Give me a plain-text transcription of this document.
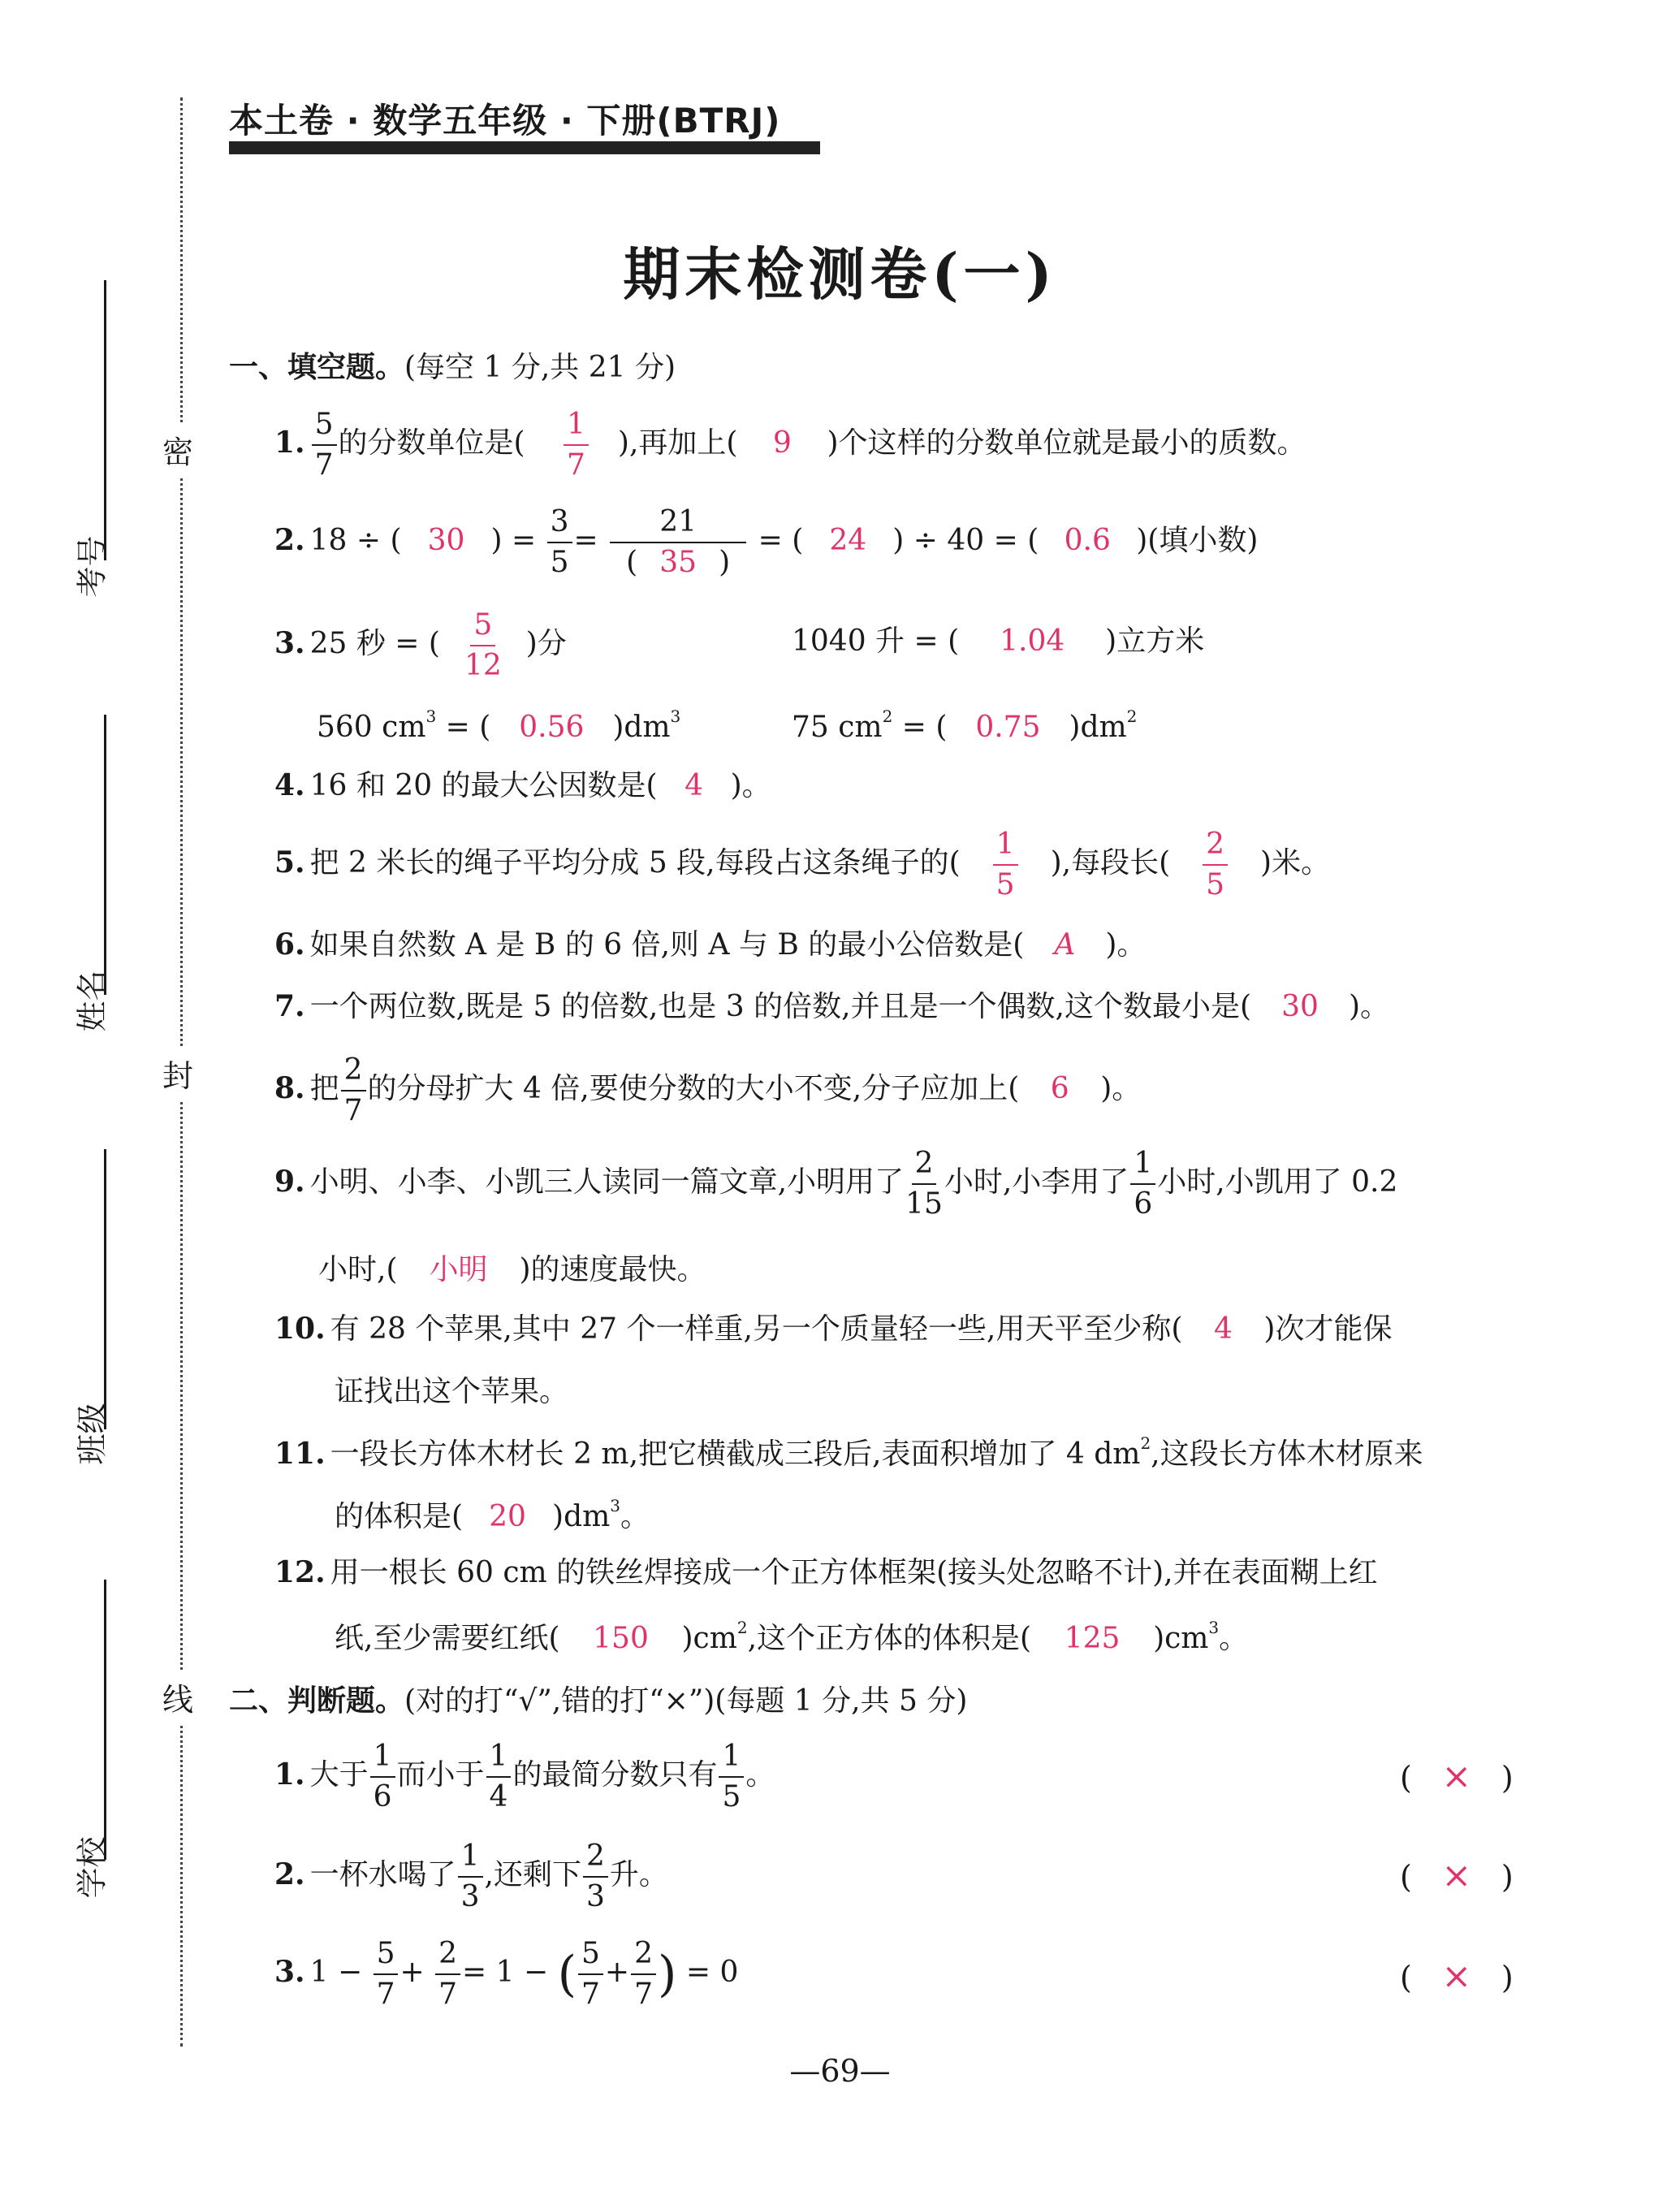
密
封
线
考号
姓名
班级
学校
本土卷 · 数学五年级 · 下册(BTRJ)
期末检测卷(一)
一、填空题。(每空 1 分,共 21 分)
1. $\frac{5}{7}$ 的分数单位是( $\frac{1}{7}$ ),再加上( 9 )个这样的分数单位就是最小的质数。
2. 18 ÷ ( 30 ) = $\frac{3}{5} = \frac{21}{( 35 )}$ = ( 24 ) ÷ 40 = ( 0.6 )(填小数)
3. 25 秒 = ( $\frac{5}{12}$ )分	1040 升 = ( 1.04 )立方米
560 $cm^3$ = ( 0.56 )$dm^3$	75 $cm^2$ = ( 0.75 )$dm^2$
4. 16 和 20 的最大公因数是( 4 )。
5. 把 2 米长的绳子平均分成 5 段,每段占这条绳子的( $\frac{1}{5}$ ),每段长( $\frac{2}{5}$ )米。
6. 如果自然数 A 是 B 的 6 倍,则 A 与 B 的最小公倍数是( A )。
7. 一个两位数,既是 5 的倍数,也是 3 的倍数,并且是一个偶数,这个数最小是( 30 )。
8. 把 $\frac{2}{7}$ 的分母扩大 4 倍,要使分数的大小不变,分子应加上( 6 )。
9. 小明、小李、小凯三人读同一篇文章,小明用了 $\frac{2}{15}$ 小时,小李用了 $\frac{1}{6}$ 小时,小凯用了 0.2
小时,( 小明 )的速度最快。
10. 有 28 个苹果,其中 27 个一样重,另一个质量轻一些,用天平至少称( 4 )次才能保
证找出这个苹果。
11. 一段长方体木材长 2 m,把它横截成三段后,表面积增加了 4 $dm^2$,这段长方体木材原来
的体积是( 20 )$dm^3$。
12. 用一根长 60 cm 的铁丝焊接成一个正方体框架(接头处忽略不计),并在表面糊上红
纸,至少需要红纸( 150 )$cm^2$,这个正方体的体积是( 125 )$cm^3$。
二、判断题。(对的打“√”,错的打“×”)(每题 1 分,共 5 分)
1. 大于 $\frac{1}{6}$ 而小于 $\frac{1}{4}$ 的最简分数只有 $\frac{1}{5}$ 。	( × )
2. 一杯水喝了 $\frac{1}{3}$ ,还剩下 $\frac{2}{3}$ 升。	( × )
3. $1 - \frac{5}{7} + \frac{2}{7} = 1$ − ( $\frac{5}{7} + \frac{2}{7}$ ) = 0	( × )
—69—
